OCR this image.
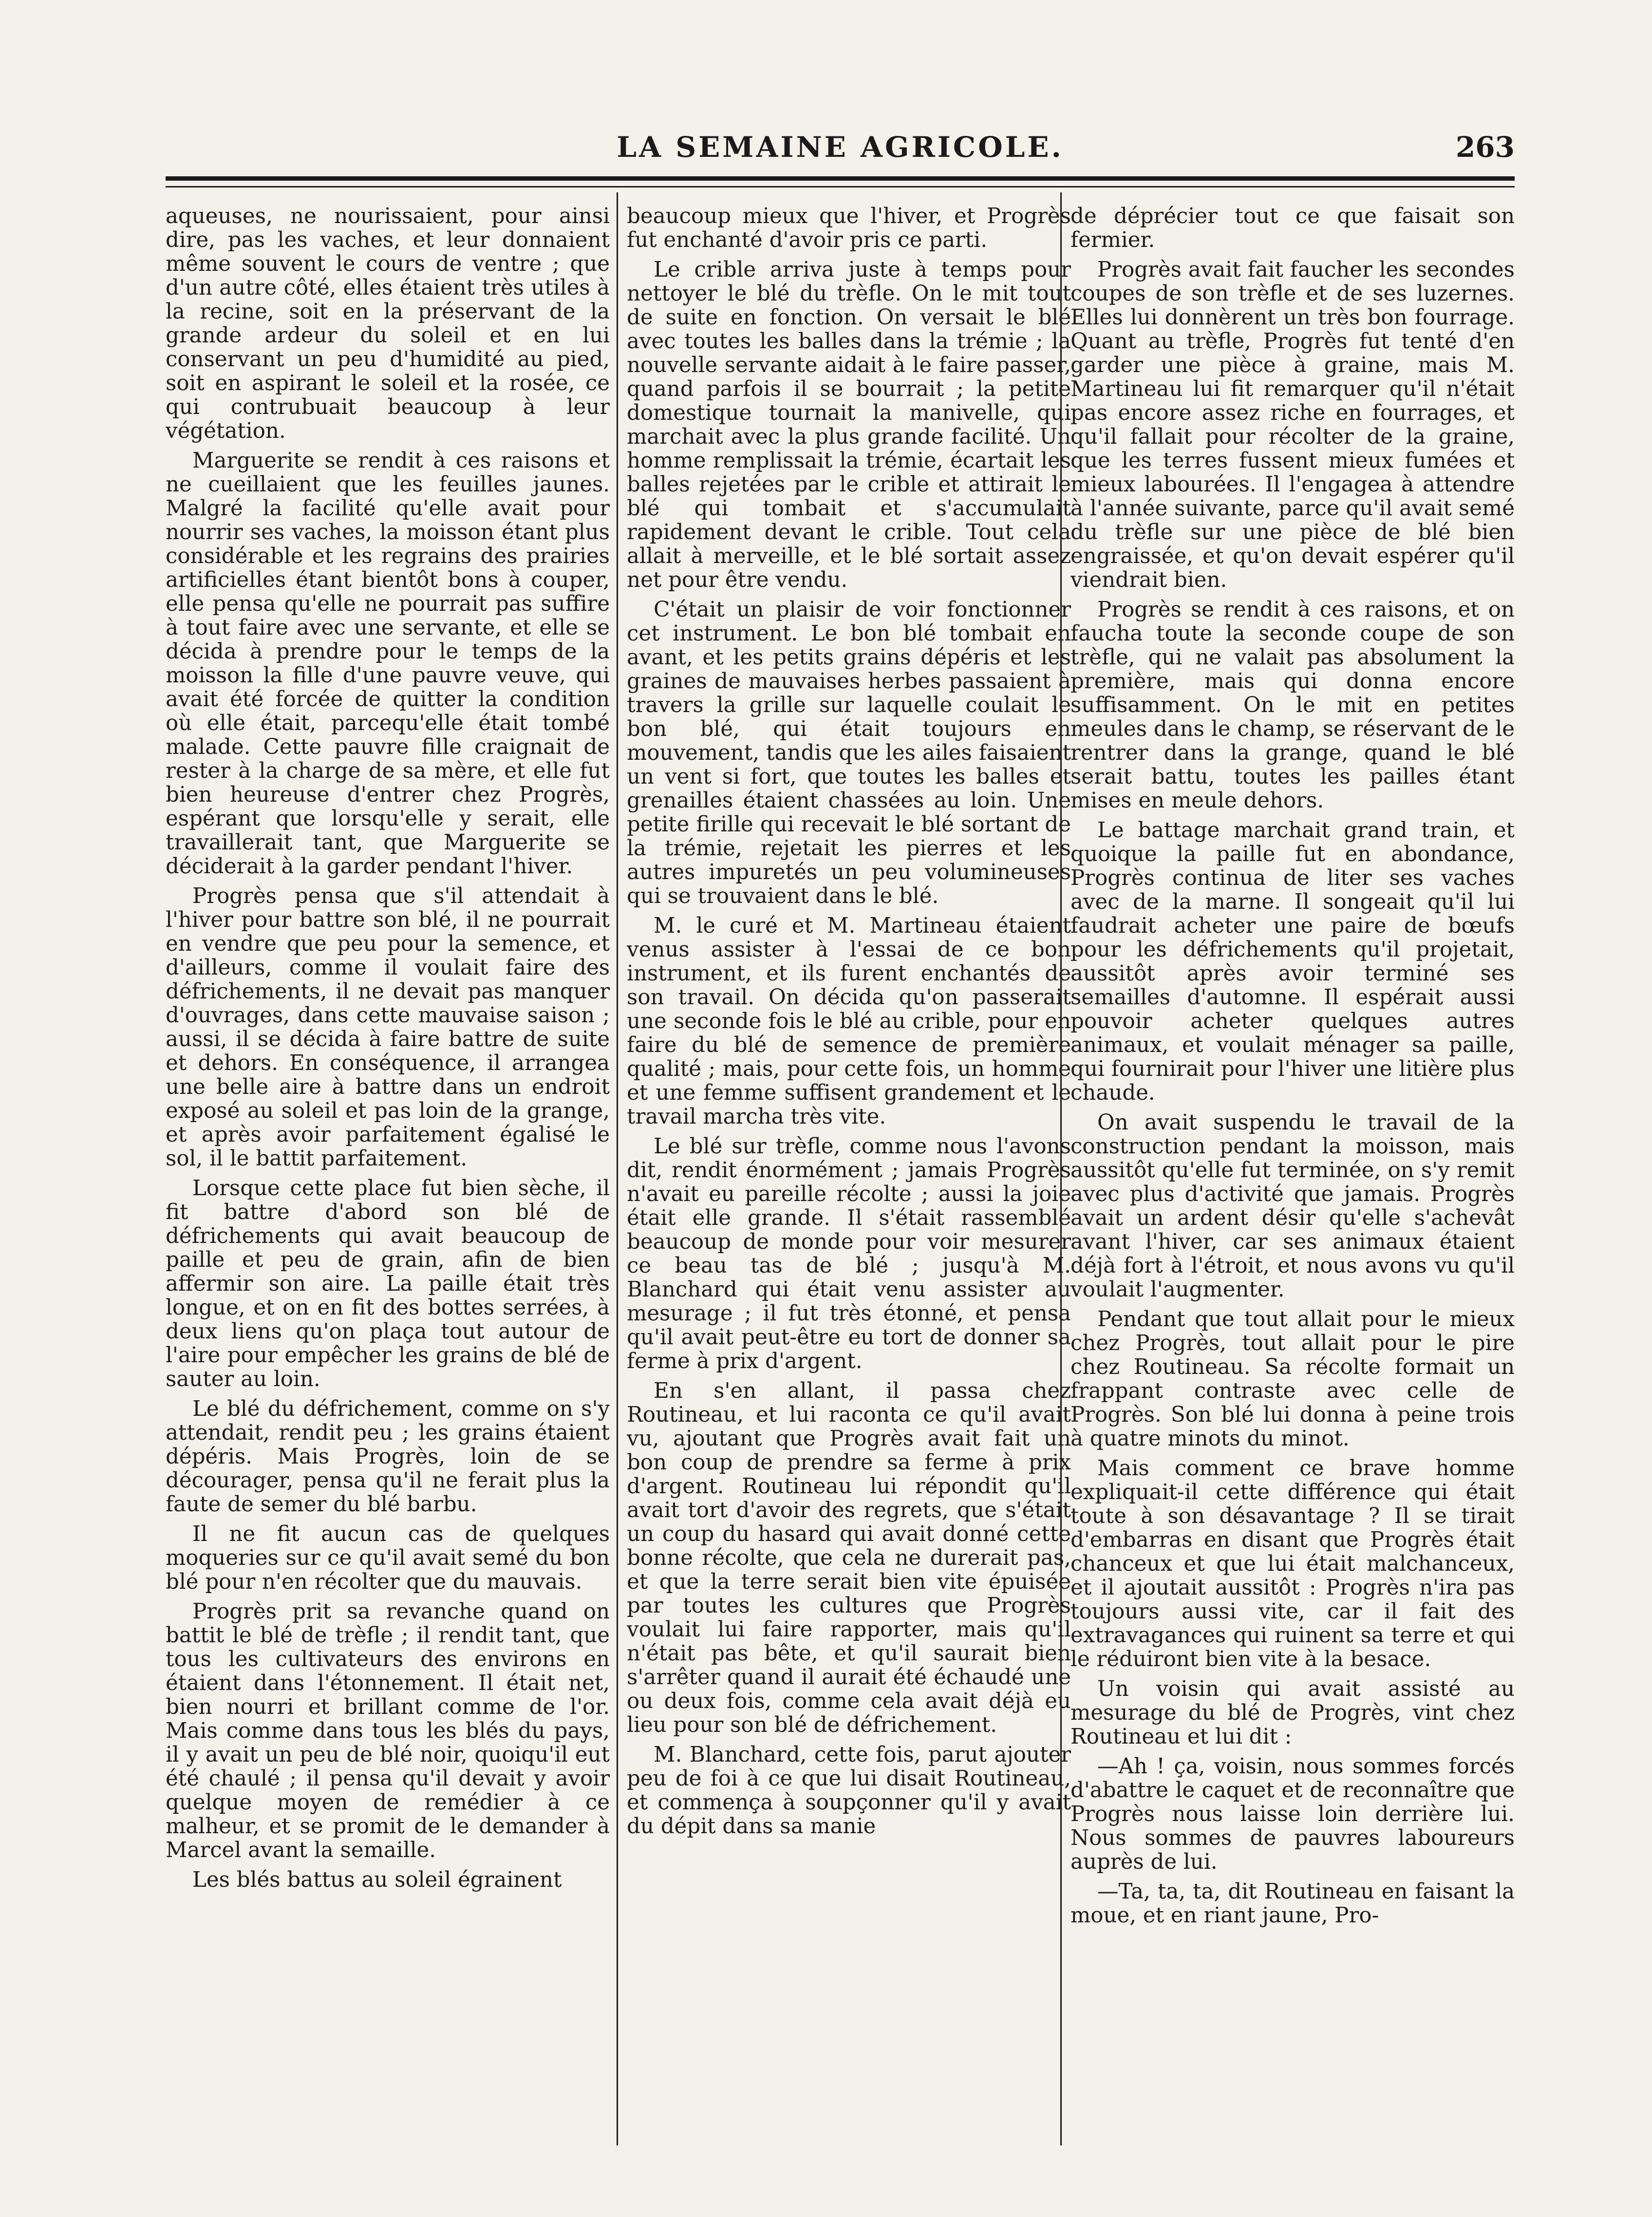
LA SEMAINE AGRICOLE.	263

aqueuses, ne nourissaient, pour ainsi dire, pas les vaches, et leur donnaient même souvent le cours de ventre ; que d'un autre côté, elles étaient très utiles à la recine, soit en la préservant de la grande ardeur du soleil et en lui conservant un peu d'humidité au pied, soit en aspirant le soleil et la rosée, ce qui contrubuait beaucoup à leur végétation.

Marguerite se rendit à ces raisons et ne cueillaient que les feuilles jaunes. Malgré la facilité qu'elle avait pour nourrir ses vaches, la moisson étant plus considérable et les regrains des prairies artificielles étant bientôt bons à couper, elle pensa qu'elle ne pourrait pas suffire à tout faire avec une servante, et elle se décida à prendre pour le temps de la moisson la fille d'une pauvre veuve, qui avait été forcée de quitter la condition où elle était, parcequ'elle était tombé malade. Cette pauvre fille craignait de rester à la charge de sa mère, et elle fut bien heureuse d'entrer chez Progrès, espérant que lorsqu'elle y serait, elle travaillerait tant, que Marguerite se déciderait à la garder pendant l'hiver.

Progrès pensa que s'il attendait à l'hiver pour battre son blé, il ne pourrait en vendre que peu pour la semence, et d'ailleurs, comme il voulait faire des défrichements, il ne devait pas manquer d'ouvrages, dans cette mauvaise saison ; aussi, il se décida à faire battre de suite et dehors. En conséquence, il arrangea une belle aire à battre dans un endroit exposé au soleil et pas loin de la grange, et après avoir parfaitement égalisé le sol, il le battit parfaitement.

Lorsque cette place fut bien sèche, il fit battre d'abord son blé de défrichements qui avait beaucoup de paille et peu de grain, afin de bien affermir son aire. La paille était très longue, et on en fit des bottes serrées, à deux liens qu'on plaça tout autour de l'aire pour empêcher les grains de blé de sauter au loin.

Le blé du défrichement, comme on s'y attendait, rendit peu ; les grains étaient dépéris. Mais Progrès, loin de se décourager, pensa qu'il ne ferait plus la faute de semer du blé barbu.

Il ne fit aucun cas de quelques moqueries sur ce qu'il avait semé du bon blé pour n'en récolter que du mauvais.

Progrès prit sa revanche quand on battit le blé de trèfle ; il rendit tant, que tous les cultivateurs des environs en étaient dans l'étonnement. Il était net, bien nourri et brillant comme de l'or. Mais comme dans tous les blés du pays, il y avait un peu de blé noir, quoiqu'il eut été chaulé ; il pensa qu'il devait y avoir quelque moyen de remédier à ce malheur, et se promit de le demander à Marcel avant la semaille.

Les blés battus au soleil égrainent

beaucoup mieux que l'hiver, et Progrès fut enchanté d'avoir pris ce parti.

Le crible arriva juste à temps pour nettoyer le blé du trèfle. On le mit tout de suite en fonction. On versait le blé avec toutes les balles dans la trémie ; la nouvelle servante aidait à le faire passer, quand parfois il se bourrait ; la petite domestique tournait la manivelle, qui marchait avec la plus grande facilité. Un homme remplissait la trémie, écartait les balles rejetées par le crible et attirait le blé qui tombait et s'accumulait rapidement devant le crible. Tout cela allait à merveille, et le blé sortait assez net pour être vendu.

C'était un plaisir de voir fonctionner cet instrument. Le bon blé tombait en avant, et les petits grains dépéris et les graines de mauvaises herbes passaient à travers la grille sur laquelle coulait le bon blé, qui était toujours en mouvement, tandis que les ailes faisaient un vent si fort, que toutes les balles et grenailles étaient chassées au loin. Une petite firille qui recevait le blé sortant de la trémie, rejetait les pierres et les autres impuretés un peu volumineuses qui se trouvaient dans le blé.

M. le curé et M. Martineau étaient venus assister à l'essai de ce bon instrument, et ils furent enchantés de son travail. On décida qu'on passerait une seconde fois le blé au crible, pour en faire du blé de semence de première qualité ; mais, pour cette fois, un homme et une femme suffisent grandement et le travail marcha très vite.

Le blé sur trèfle, comme nous l'avons dit, rendit énormément ; jamais Progrès n'avait eu pareille récolte ; aussi la joie était elle grande. Il s'était rassemblé beaucoup de monde pour voir mesurer ce beau tas de blé ; jusqu'à M. Blanchard qui était venu assister au mesurage ; il fut très étonné, et pensa qu'il avait peut-être eu tort de donner sa ferme à prix d'argent.

En s'en allant, il passa chez Routineau, et lui raconta ce qu'il avait vu, ajoutant que Progrès avait fait un bon coup de prendre sa ferme à prix d'argent. Routineau lui répondit qu'il avait tort d'avoir des regrets, que s'était un coup du hasard qui avait donné cette bonne récolte, que cela ne durerait pas, et que la terre serait bien vite épuisée par toutes les cultures que Progrès voulait lui faire rapporter, mais qu'il n'était pas bête, et qu'il saurait bien s'arrêter quand il aurait été échaudé une ou deux fois, comme cela avait déjà eu lieu pour son blé de défrichement.

M. Blanchard, cette fois, parut ajouter peu de foi à ce que lui disait Routineau, et commença à soupçonner qu'il y avait du dépit dans sa manie

de déprécier tout ce que faisait son fermier.

Progrès avait fait faucher les secondes coupes de son trèfle et de ses luzernes. Elles lui donnèrent un très bon fourrage. Quant au trèfle, Progrès fut tenté d'en garder une pièce à graine, mais M. Martineau lui fit remarquer qu'il n'était pas encore assez riche en fourrages, et qu'il fallait pour récolter de la graine, que les terres fussent mieux fumées et mieux labourées. Il l'engagea à attendre à l'année suivante, parce qu'il avait semé du trèfle sur une pièce de blé bien engraissée, et qu'on devait espérer qu'il viendrait bien.

Progrès se rendit à ces raisons, et on faucha toute la seconde coupe de son trèfle, qui ne valait pas absolument la première, mais qui donna encore suffisamment. On le mit en petites meules dans le champ, se réservant de le rentrer dans la grange, quand le blé serait battu, toutes les pailles étant mises en meule dehors.

Le battage marchait grand train, et quoique la paille fut en abondance, Progrès continua de liter ses vaches avec de la marne. Il songeait qu'il lui faudrait acheter une paire de bœufs pour les défrichements qu'il projetait, aussitôt après avoir terminé ses semailles d'automne. Il espérait aussi pouvoir acheter quelques autres animaux, et voulait ménager sa paille, qui fournirait pour l'hiver une litière plus chaude.

On avait suspendu le travail de la construction pendant la moisson, mais aussitôt qu'elle fut terminée, on s'y remit avec plus d'activité que jamais. Progrès avait un ardent désir qu'elle s'achevât avant l'hiver, car ses animaux étaient déjà fort à l'étroit, et nous avons vu qu'il voulait l'augmenter.

Pendant que tout allait pour le mieux chez Progrès, tout allait pour le pire chez Routineau. Sa récolte formait un frappant contraste avec celle de Progrès. Son blé lui donna à peine trois à quatre minots du minot.

Mais comment ce brave homme expliquait-il cette différence qui était toute à son désavantage ? Il se tirait d'embarras en disant que Progrès était chanceux et que lui était malchanceux, et il ajoutait aussitôt : Progrès n'ira pas toujours aussi vite, car il fait des extravagances qui ruinent sa terre et qui le réduiront bien vite à la besace.

Un voisin qui avait assisté au mesurage du blé de Progrès, vint chez Routineau et lui dit :

—Ah ! ça, voisin, nous sommes forcés d'abattre le caquet et de reconnaître que Progrès nous laisse loin derrière lui. Nous sommes de pauvres laboureurs auprès de lui.

—Ta, ta, ta, dit Routineau en faisant la moue, et en riant jaune, Pro-
